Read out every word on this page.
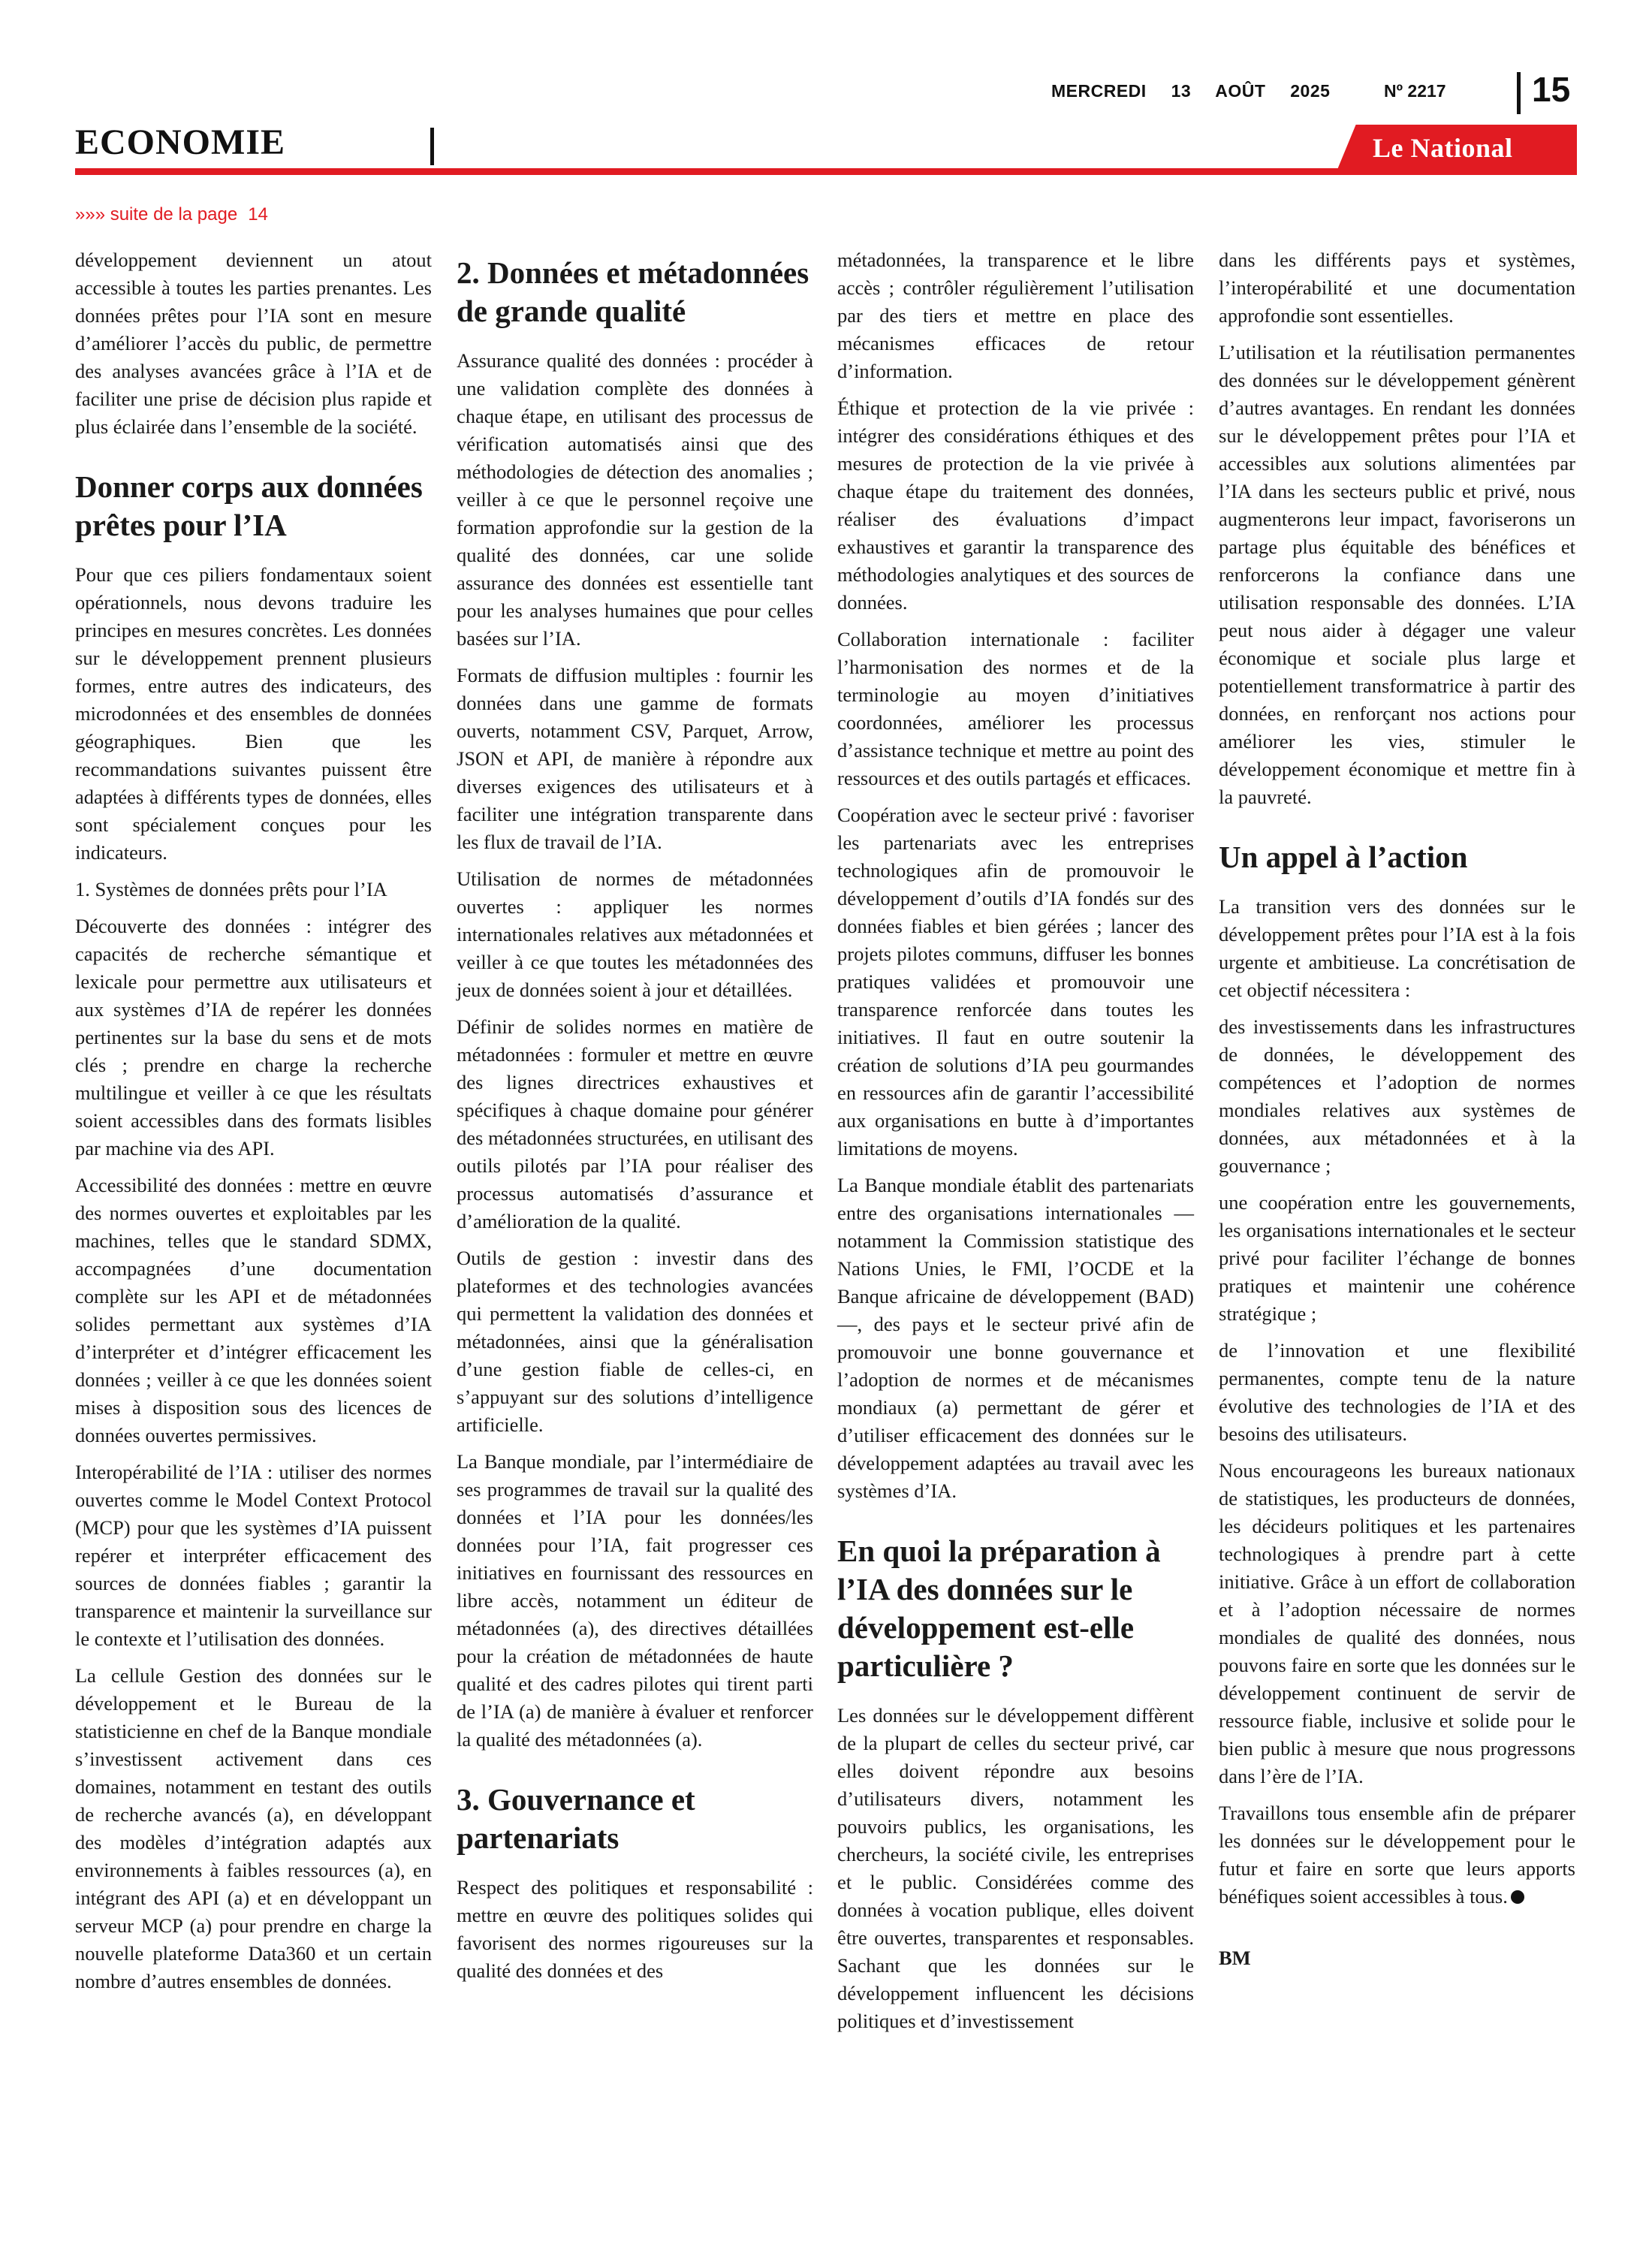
MERCREDI 13 AOÛT 2025	Nº 2217 15
ECONOMIE	Le National
»»» suite de la page 14

développement deviennent un atout accessible à toutes les parties prenantes. Les données prêtes pour l’IA sont en mesure d’améliorer l’accès du public, de permettre des analyses avancées grâce à l’IA et de faciliter une prise de décision plus rapide et plus éclairée dans l’ensemble de la société.

Donner corps aux données prêtes pour l’IA

Pour que ces piliers fondamentaux soient opérationnels, nous devons traduire les principes en mesures concrètes. Les données sur le développement prennent plusieurs formes, entre autres des indicateurs, des microdonnées et des ensembles de données géographiques. Bien que les recommandations suivantes puissent être adaptées à différents types de données, elles sont spécialement conçues pour les indicateurs.

1. Systèmes de données prêts pour l’IA

Découverte des données : intégrer des capacités de recherche sémantique et lexicale pour permettre aux utilisateurs et aux systèmes d’IA de repérer les données pertinentes sur la base du sens et de mots clés ; prendre en charge la recherche multilingue et veiller à ce que les résultats soient accessibles dans des formats lisibles par machine via des API.

Accessibilité des données : mettre en œuvre des normes ouvertes et exploitables par les machines, telles que le standard SDMX, accompagnées d’une documentation complète sur les API et de métadonnées solides permettant aux systèmes d’IA d’interpréter et d’intégrer efficacement les données ; veiller à ce que les données soient mises à disposition sous des licences de données ouvertes permissives.

Interopérabilité de l’IA : utiliser des normes ouvertes comme le Model Context Protocol (MCP) pour que les systèmes d’IA puissent repérer et interpréter efficacement des sources de données fiables ; garantir la transparence et maintenir la surveillance sur le contexte et l’utilisation des données.

La cellule Gestion des données sur le développement et le Bureau de la statisticienne en chef de la Banque mondiale s’investissent activement dans ces domaines, notamment en testant des outils de recherche avancés (a), en développant des modèles d’intégration adaptés aux environnements à faibles ressources (a), en intégrant des API (a) et en développant un serveur MCP (a) pour prendre en charge la nouvelle plateforme Data360 et un certain nombre d’autres ensembles de données.

2. Données et métadonnées de grande qualité

Assurance qualité des données : procéder à une validation complète des données à chaque étape, en utilisant des processus de vérification automatisés ainsi que des méthodologies de détection des anomalies ; veiller à ce que le personnel reçoive une formation approfondie sur la gestion de la qualité des données, car une solide assurance des données est essentielle tant pour les analyses humaines que pour celles basées sur l’IA.

Formats de diffusion multiples : fournir les données dans une gamme de formats ouverts, notamment CSV, Parquet, Arrow, JSON et API, de manière à répondre aux diverses exigences des utilisateurs et à faciliter une intégration transparente dans les flux de travail de l’IA.

Utilisation de normes de métadonnées ouvertes : appliquer les normes internationales relatives aux métadonnées et veiller à ce que toutes les métadonnées des jeux de données soient à jour et détaillées.

Définir de solides normes en matière de métadonnées : formuler et mettre en œuvre des lignes directrices exhaustives et spécifiques à chaque domaine pour générer des métadonnées structurées, en utilisant des outils pilotés par l’IA pour réaliser des processus automatisés d’assurance et d’amélioration de la qualité.

Outils de gestion : investir dans des plateformes et des technologies avancées qui permettent la validation des données et métadonnées, ainsi que la généralisation d’une gestion fiable de celles-ci, en s’appuyant sur des solutions d’intelligence artificielle.

La Banque mondiale, par l’intermédiaire de ses programmes de travail sur la qualité des données et l’IA pour les données/les données pour l’IA, fait progresser ces initiatives en fournissant des ressources en libre accès, notamment un éditeur de métadonnées (a), des directives détaillées pour la création de métadonnées de haute qualité et des cadres pilotes qui tirent parti de l’IA (a) de manière à évaluer et renforcer la qualité des métadonnées (a).

3. Gouvernance et partenariats

Respect des politiques et responsabilité : mettre en œuvre des politiques solides qui favorisent des normes rigoureuses sur la qualité des données et des

métadonnées, la transparence et le libre accès ; contrôler régulièrement l’utilisation par des tiers et mettre en place des mécanismes efficaces de retour d’information.

Éthique et protection de la vie privée : intégrer des considérations éthiques et des mesures de protection de la vie privée à chaque étape du traitement des données, réaliser des évaluations d’impact exhaustives et garantir la transparence des méthodologies analytiques et des sources de données.

Collaboration internationale : faciliter l’harmonisation des normes et de la terminologie au moyen d’initiatives coordonnées, améliorer les processus d’assistance technique et mettre au point des ressources et des outils partagés et efficaces.

Coopération avec le secteur privé : favoriser les partenariats avec les entreprises technologiques afin de promouvoir le développement d’outils d’IA fondés sur des données fiables et bien gérées ; lancer des projets pilotes communs, diffuser les bonnes pratiques validées et promouvoir une transparence renforcée dans toutes les initiatives. Il faut en outre soutenir la création de solutions d’IA peu gourmandes en ressources afin de garantir l’accessibilité aux organisations en butte à d’importantes limitations de moyens.

La Banque mondiale établit des partenariats entre des organisations internationales — notamment la Commission statistique des Nations Unies, le FMI, l’OCDE et la Banque africaine de développement (BAD) —, des pays et le secteur privé afin de promouvoir une bonne gouvernance et l’adoption de normes et de mécanismes mondiaux (a) permettant de gérer et d’utiliser efficacement des données sur le développement adaptées au travail avec les systèmes d’IA.

En quoi la préparation à l’IA des données sur le développement est-elle particulière ?

Les données sur le développement diffèrent de la plupart de celles du secteur privé, car elles doivent répondre aux besoins d’utilisateurs divers, notamment les pouvoirs publics, les organisations, les chercheurs, la société civile, les entreprises et le public. Considérées comme des données à vocation publique, elles doivent être ouvertes, transparentes et responsables. Sachant que les données sur le développement influencent les décisions politiques et d’investissement

dans les différents pays et systèmes, l’interopérabilité et une documentation approfondie sont essentielles.

L’utilisation et la réutilisation permanentes des données sur le développement génèrent d’autres avantages. En rendant les données sur le développement prêtes pour l’IA et accessibles aux solutions alimentées par l’IA dans les secteurs public et privé, nous augmenterons leur impact, favoriserons un partage plus équitable des bénéfices et renforcerons la confiance dans une utilisation responsable des données. L’IA peut nous aider à dégager une valeur économique et sociale plus large et potentiellement transformatrice à partir des données, en renforçant nos actions pour améliorer les vies, stimuler le développement économique et mettre fin à la pauvreté.

Un appel à l’action

La transition vers des données sur le développement prêtes pour l’IA est à la fois urgente et ambitieuse. La concrétisation de cet objectif nécessitera :

des investissements dans les infrastructures de données, le développement des compétences et l’adoption de normes mondiales relatives aux systèmes de données, aux métadonnées et à la gouvernance ;

une coopération entre les gouvernements, les organisations internationales et le secteur privé pour faciliter l’échange de bonnes pratiques et maintenir une cohérence stratégique ;

de l’innovation et une flexibilité permanentes, compte tenu de la nature évolutive des technologies de l’IA et des besoins des utilisateurs.

Nous encourageons les bureaux nationaux de statistiques, les producteurs de données, les décideurs politiques et les partenaires technologiques à prendre part à cette initiative. Grâce à un effort de collaboration et à l’adoption nécessaire de normes mondiales de qualité des données, nous pouvons faire en sorte que les données sur le développement continuent de servir de ressource fiable, inclusive et solide pour le bien public à mesure que nous progressons dans l’ère de l’IA.

Travaillons tous ensemble afin de préparer les données sur le développement pour le futur et faire en sorte que leurs apports bénéfiques soient accessibles à tous.

BM
